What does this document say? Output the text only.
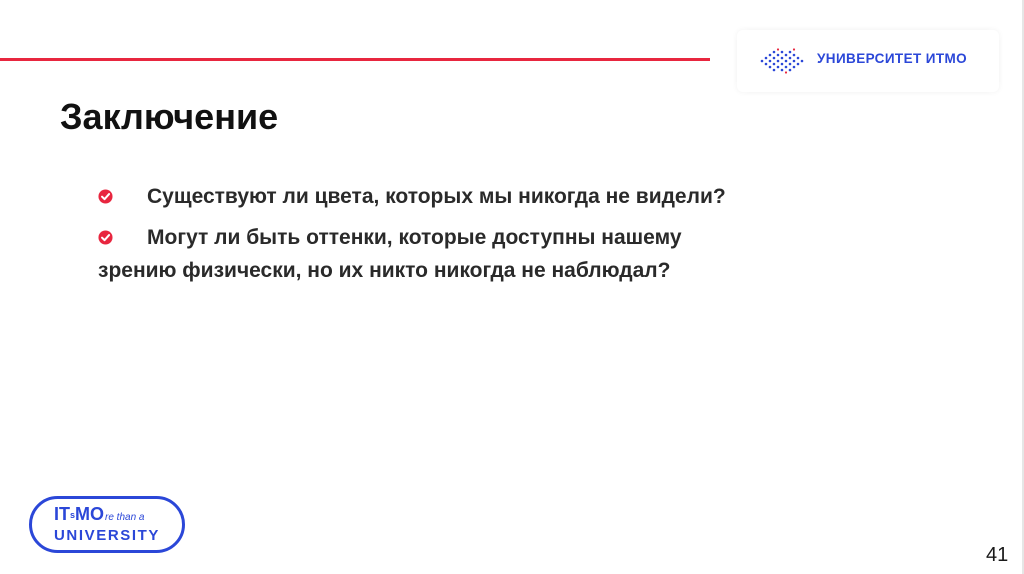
УНИВЕРСИТЕТ ИТМО
Заключение

Существуют ли цвета, которых мы никогда не видели?

Могут ли быть оттенки, которые доступны нашему зрению физически, но их никто никогда не наблюдал?

ITsMOre than a
UNIVERSITY
41
